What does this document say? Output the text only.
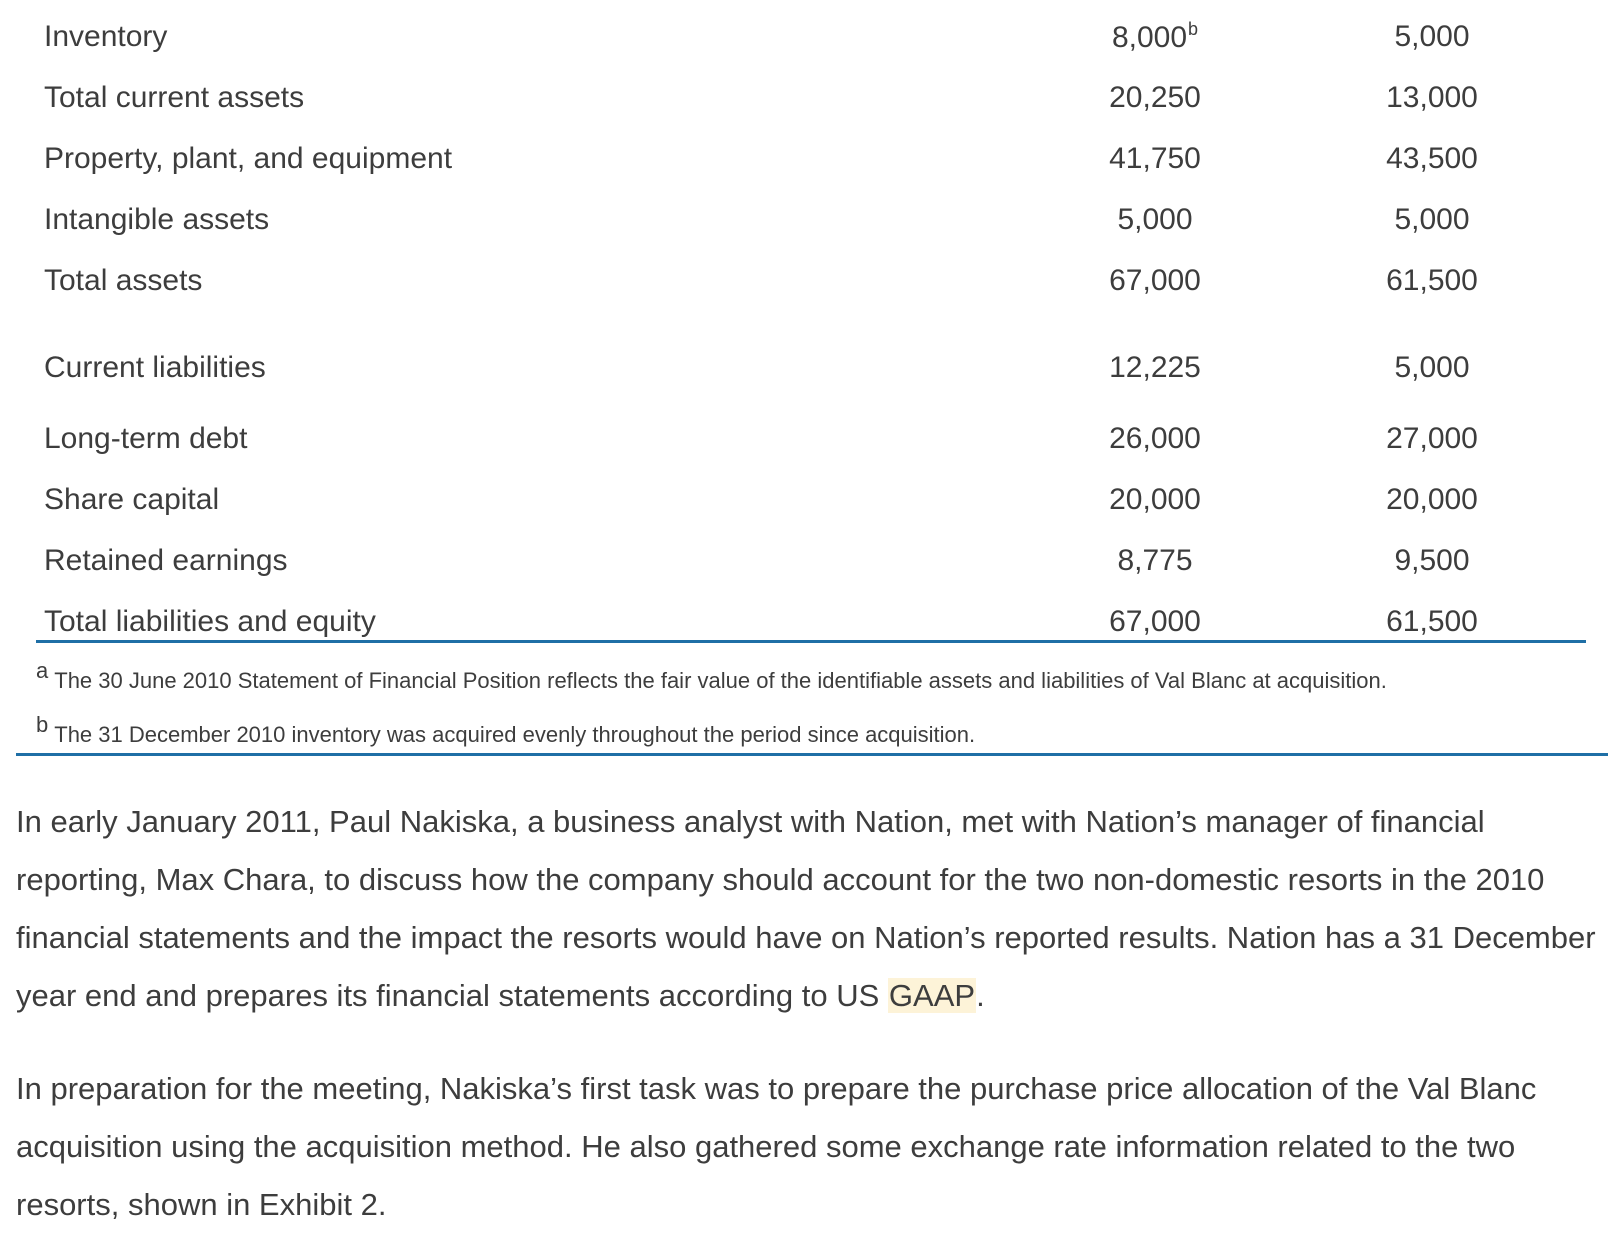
Inventory	8,000$^b$	5,000	
Total current assets	20,250	13,000	
Property, plant, and equipment	41,750	43,500	
Intangible assets	5,000	5,000	
Total assets	67,000	61,500	
Current liabilities	12,225	5,000	
Long-term debt	26,000	27,000	
Share capital	20,000	20,000	
Retained earnings	8,775	9,500	
Total liabilities and equity	67,000	61,500	
a The 30 June 2010 Statement of Financial Position reflects the fair value of the identifiable assets and liabilities of Val Blanc at acquisition.
b The 31 December 2010 inventory was acquired evenly throughout the period since acquisition.

In early January 2011, Paul Nakiska, a business analyst with Nation, met with Nation’s manager of financial reporting, Max Chara, to discuss how the company should account for the two non-domestic resorts in the 2010 financial statements and the impact the resorts would have on Nation’s reported results. Nation has a 31 December year end and prepares its financial statements according to US GAAP.

In preparation for the meeting, Nakiska’s first task was to prepare the purchase price allocation of the Val Blanc acquisition using the acquisition method. He also gathered some exchange rate information related to the two resorts, shown in Exhibit 2.
